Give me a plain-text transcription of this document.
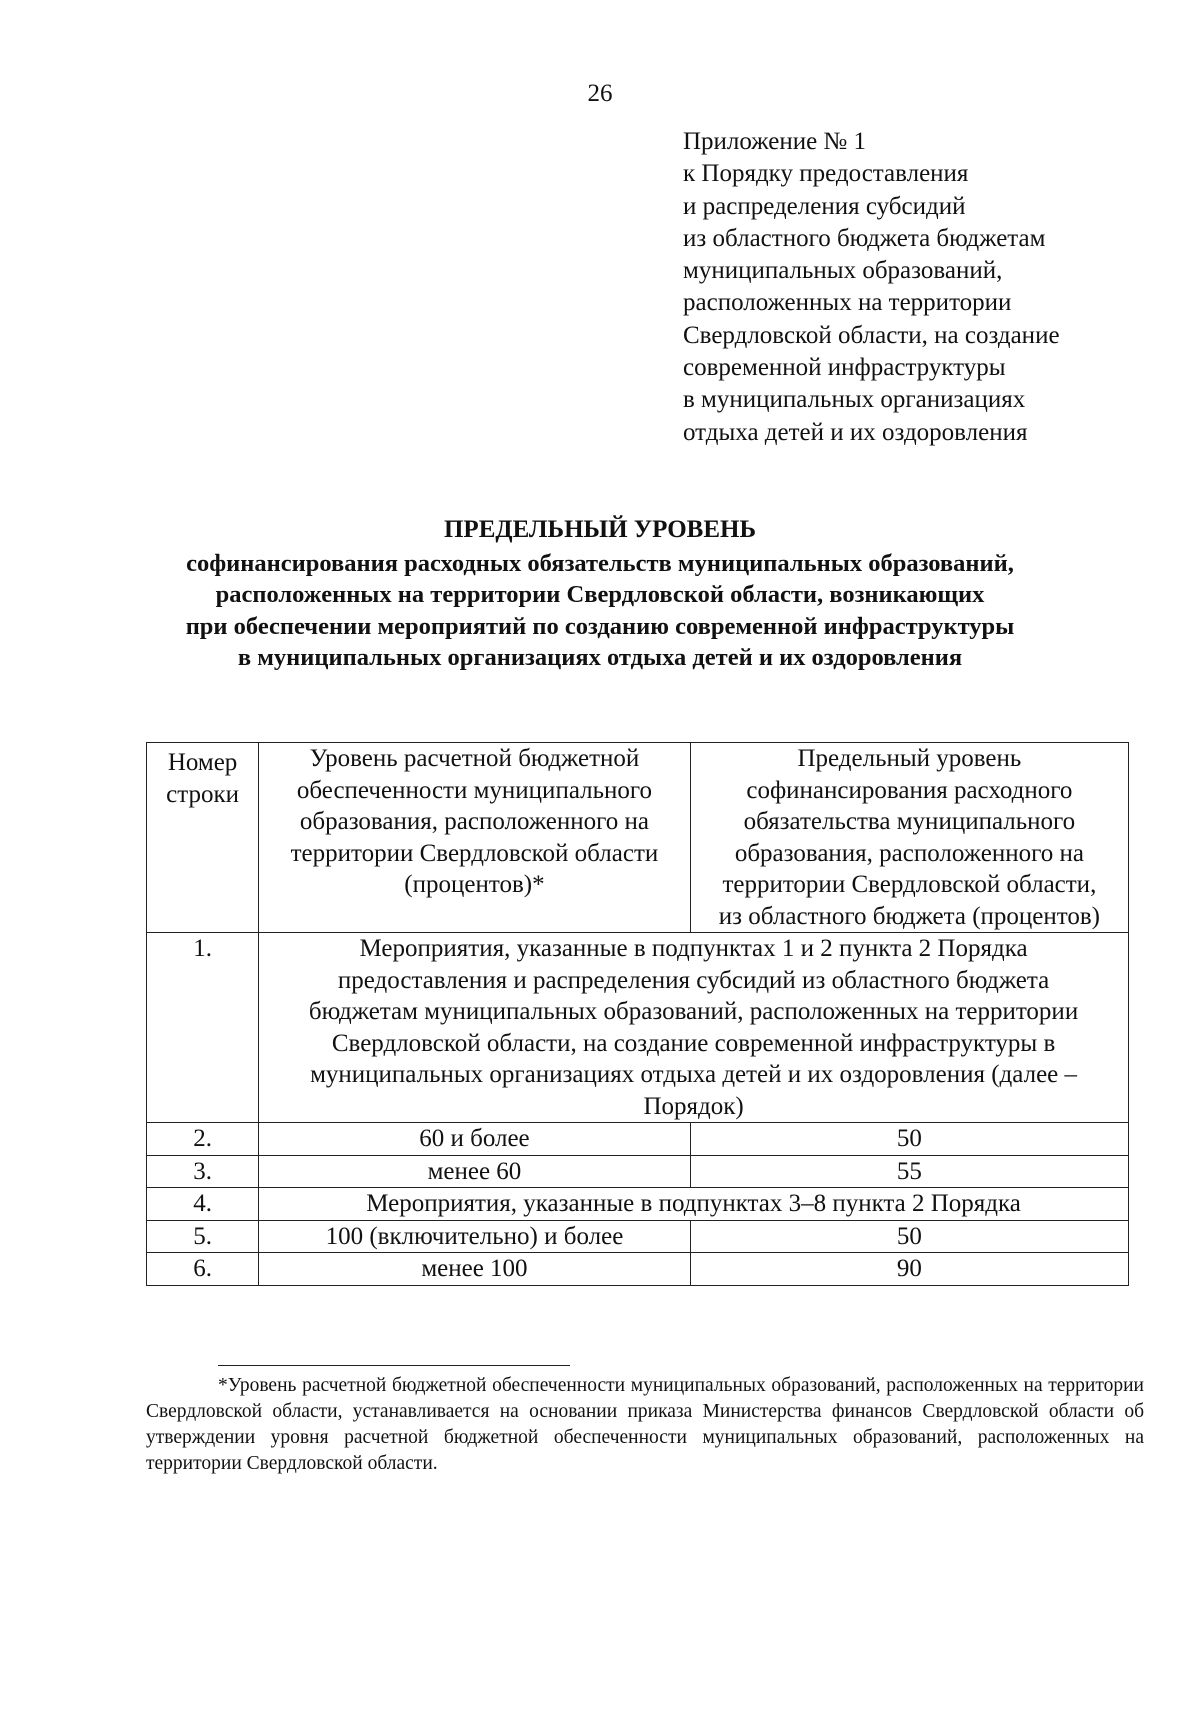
26
Приложение № 1
к Порядку предоставления
и распределения субсидий
из областного бюджета бюджетам
муниципальных образований,
расположенных на территории
Свердловской области, на создание
современной инфраструктуры
в муниципальных организациях
отдыха детей и их оздоровления
ПРЕДЕЛЬНЫЙ УРОВЕНЬ
софинансирования расходных обязательств муниципальных образований,
расположенных на территории Свердловской области, возникающих
при обеспечении мероприятий по созданию современной инфраструктуры
в муниципальных организациях отдыха детей и их оздоровления
Номер строки	Уровень расчетной бюджетной обеспеченности муниципального образования, расположенного на территории Свердловской области (процентов)*	Предельный уровень софинансирования расходного обязательства муниципального образования, расположенного на территории Свердловской области, из областного бюджета (процентов)
1.	Мероприятия, указанные в подпунктах 1 и 2 пункта 2 Порядка предоставления и распределения субсидий из областного бюджета бюджетам муниципальных образований, расположенных на территории Свердловской области, на создание современной инфраструктуры в муниципальных организациях отдыха детей и их оздоровления (далее – Порядок)	
2.	60 и более	50
3.	менее 60	55
4.	Мероприятия, указанные в подпунктах 3–8 пункта 2 Порядка	
5.	100 (включительно) и более	50
6.	менее 100	90
*Уровень расчетной бюджетной обеспеченности муниципальных образований, расположенных на территории Свердловской области, устанавливается на основании приказа Министерства финансов Свердловской области об утверждении уровня расчетной бюджетной обеспеченности муниципальных образований, расположенных на территории Свердловской области.
